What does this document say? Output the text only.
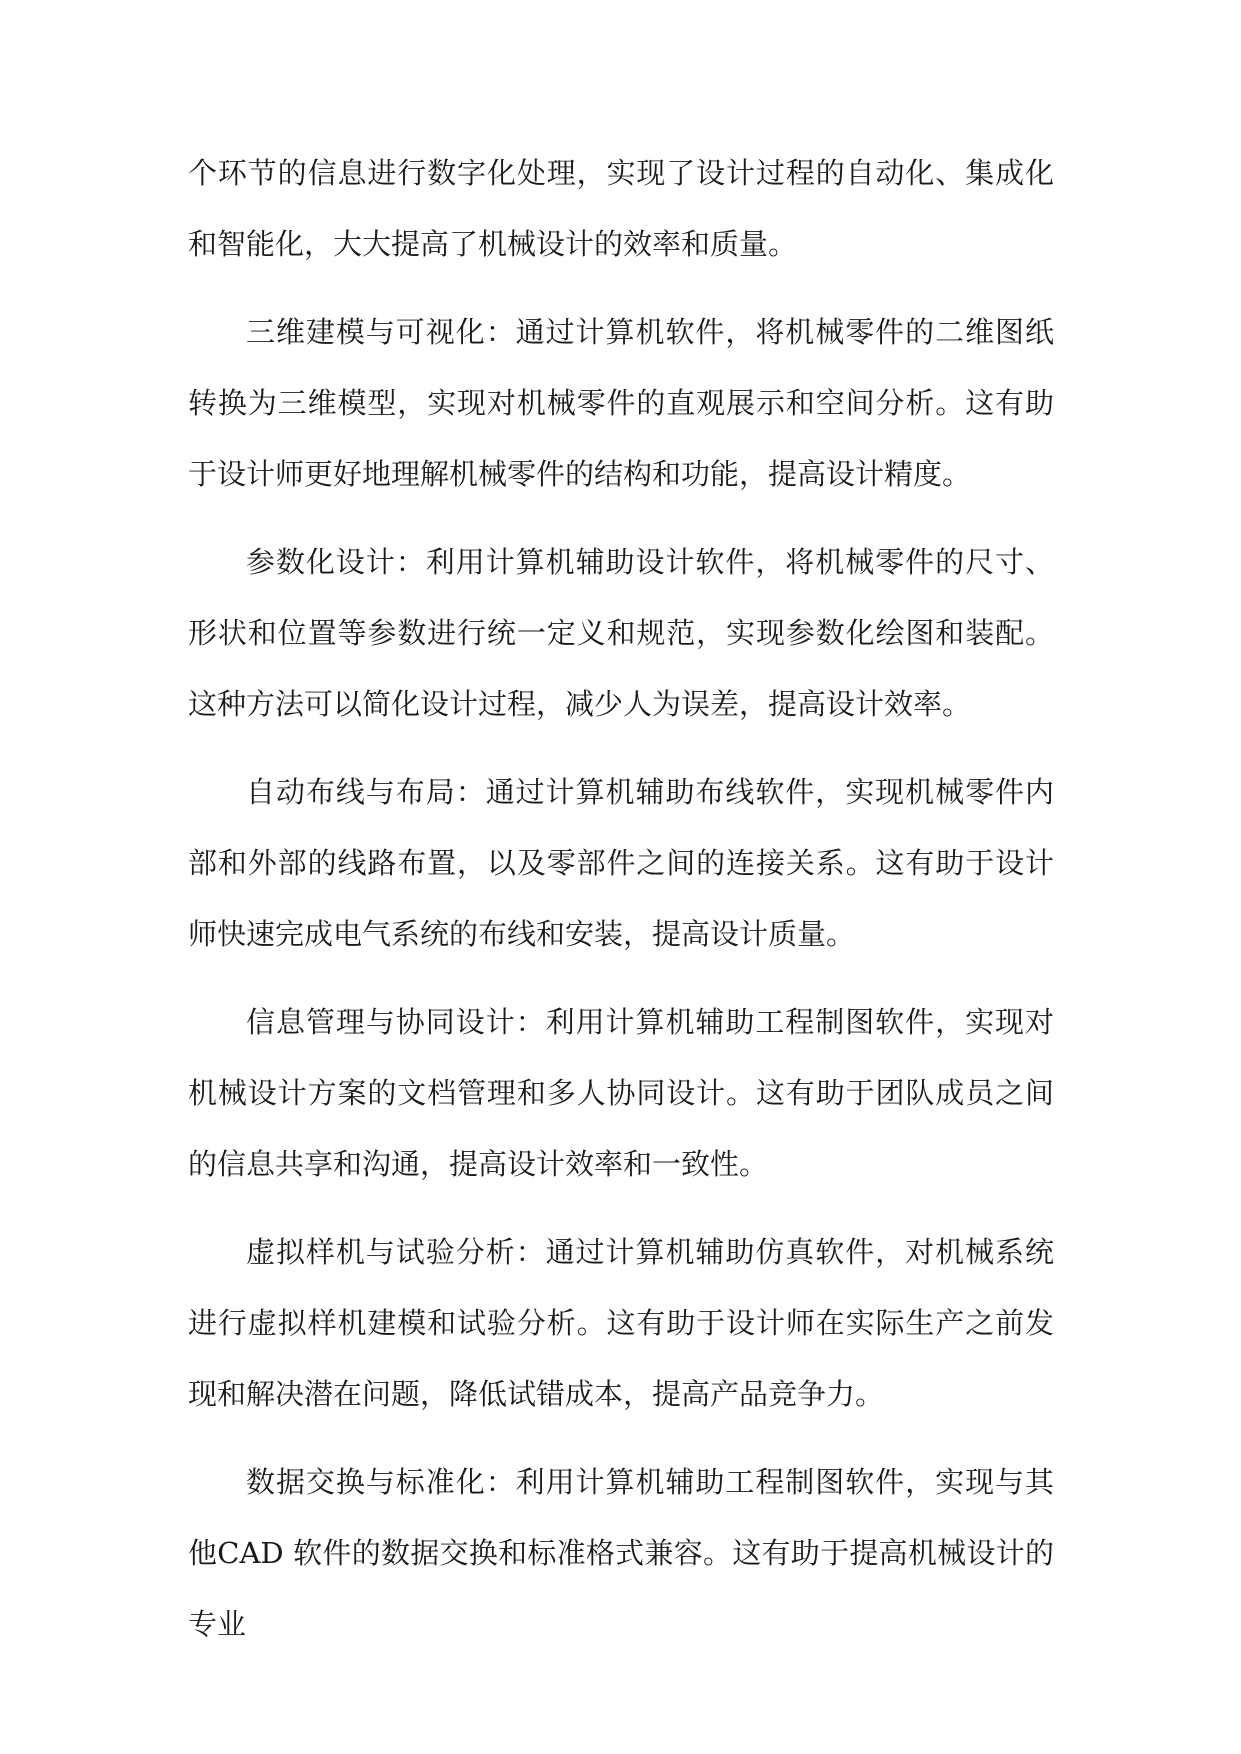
个环节的信息进行数字化处理，实现了设计过程的自动化、集成化和智能化，大大提高了机械设计的效率和质量。

三维建模与可视化：通过计算机软件，将机械零件的二维图纸转换为三维模型，实现对机械零件的直观展示和空间分析。这有助于设计师更好地理解机械零件的结构和功能，提高设计精度。

参数化设计：利用计算机辅助设计软件，将机械零件的尺寸、形状和位置等参数进行统一定义和规范，实现参数化绘图和装配。这种方法可以简化设计过程，减少人为误差，提高设计效率。

自动布线与布局：通过计算机辅助布线软件，实现机械零件内部和外部的线路布置，以及零部件之间的连接关系。这有助于设计师快速完成电气系统的布线和安装，提高设计质量。

信息管理与协同设计：利用计算机辅助工程制图软件，实现对机械设计方案的文档管理和多人协同设计。这有助于团队成员之间的信息共享和沟通，提高设计效率和一致性。

虚拟样机与试验分析：通过计算机辅助仿真软件，对机械系统进行虚拟样机建模和试验分析。这有助于设计师在实际生产之前发现和解决潜在问题，降低试错成本，提高产品竞争力。

数据交换与标准化：利用计算机辅助工程制图软件，实现与其他CAD 软件的数据交换和标准格式兼容。这有助于提高机械设计的专业
